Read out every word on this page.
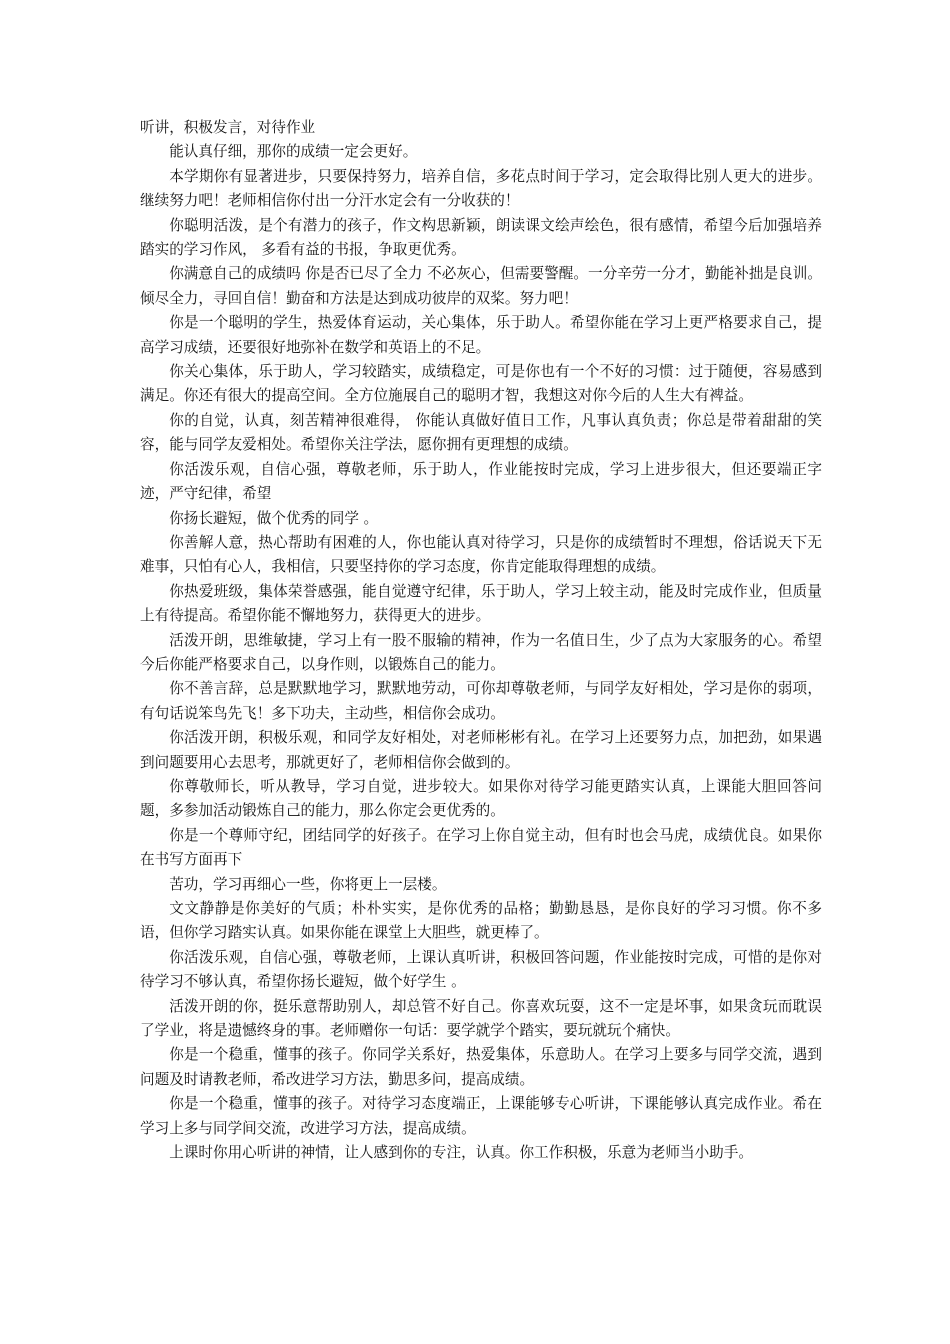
听讲，积极发言，对待作业

能认真仔细，那你的成绩一定会更好。

本学期你有显著进步，只要保持努力，培养自信，多花点时间于学习，定会取得比别人更大的进步。继续努力吧！老师相信你付出一分汗水定会有一分收获的！

你聪明活泼，是个有潜力的孩子，作文构思新颖，朗读课文绘声绘色，很有感情，希望今后加强培养踏实的学习作风， 多看有益的书报，争取更优秀。

你满意自己的成绩吗 你是否已尽了全力 不必灰心，但需要警醒。一分辛劳一分才，勤能补拙是良训。倾尽全力，寻回自信！勤奋和方法是达到成功彼岸的双桨。努力吧！

你是一个聪明的学生，热爱体育运动，关心集体，乐于助人。希望你能在学习上更严格要求自己，提高学习成绩，还要很好地弥补在数学和英语上的不足。

你关心集体，乐于助人，学习较踏实，成绩稳定，可是你也有一个不好的习惯：过于随便，容易感到满足。你还有很大的提高空间。全方位施展自己的聪明才智，我想这对你今后的人生大有裨益。

你的自觉，认真，刻苦精神很难得， 你能认真做好值日工作，凡事认真负责；你总是带着甜甜的笑容，能与同学友爱相处。希望你关注学法，愿你拥有更理想的成绩。

你活泼乐观，自信心强，尊敬老师，乐于助人，作业能按时完成，学习上进步很大，但还要端正字迹，严守纪律，希望

你扬长避短，做个优秀的同学 。

你善解人意，热心帮助有困难的人，你也能认真对待学习，只是你的成绩暂时不理想，俗话说天下无难事，只怕有心人，我相信，只要坚持你的学习态度，你肯定能取得理想的成绩。

你热爱班级，集体荣誉感强，能自觉遵守纪律，乐于助人，学习上较主动，能及时完成作业，但质量上有待提高。希望你能不懈地努力，获得更大的进步。

活泼开朗，思维敏捷，学习上有一股不服输的精神，作为一名值日生，少了点为大家服务的心。希望今后你能严格要求自己，以身作则，以锻炼自己的能力。

你不善言辞，总是默默地学习，默默地劳动，可你却尊敬老师，与同学友好相处，学习是你的弱项，有句话说笨鸟先飞！多下功夫，主动些，相信你会成功。

你活泼开朗，积极乐观，和同学友好相处，对老师彬彬有礼。在学习上还要努力点，加把劲，如果遇到问题要用心去思考，那就更好了，老师相信你会做到的。

你尊敬师长，听从教导，学习自觉，进步较大。如果你对待学习能更踏实认真，上课能大胆回答问题，多参加活动锻炼自己的能力，那么你定会更优秀的。

你是一个尊师守纪，团结同学的好孩子。在学习上你自觉主动，但有时也会马虎，成绩优良。如果你在书写方面再下

苦功，学习再细心一些，你将更上一层楼。

文文静静是你美好的气质；朴朴实实，是你优秀的品格；勤勤恳恳，是你良好的学习习惯。你不多语，但你学习踏实认真。如果你能在课堂上大胆些，就更棒了。

你活泼乐观，自信心强，尊敬老师，上课认真听讲，积极回答问题，作业能按时完成，可惜的是你对待学习不够认真，希望你扬长避短，做个好学生 。

活泼开朗的你，挺乐意帮助别人，却总管不好自己。你喜欢玩耍，这不一定是坏事，如果贪玩而耽误了学业，将是遗憾终身的事。老师赠你一句话：要学就学个踏实，要玩就玩个痛快。

你是一个稳重，懂事的孩子。你同学关系好，热爱集体，乐意助人。在学习上要多与同学交流，遇到问题及时请教老师，希改进学习方法，勤思多问，提高成绩。

你是一个稳重，懂事的孩子。对待学习态度端正，上课能够专心听讲，下课能够认真完成作业。希在学习上多与同学间交流，改进学习方法，提高成绩。

上课时你用心听讲的神情，让人感到你的专注，认真。你工作积极，乐意为老师当小助手。
